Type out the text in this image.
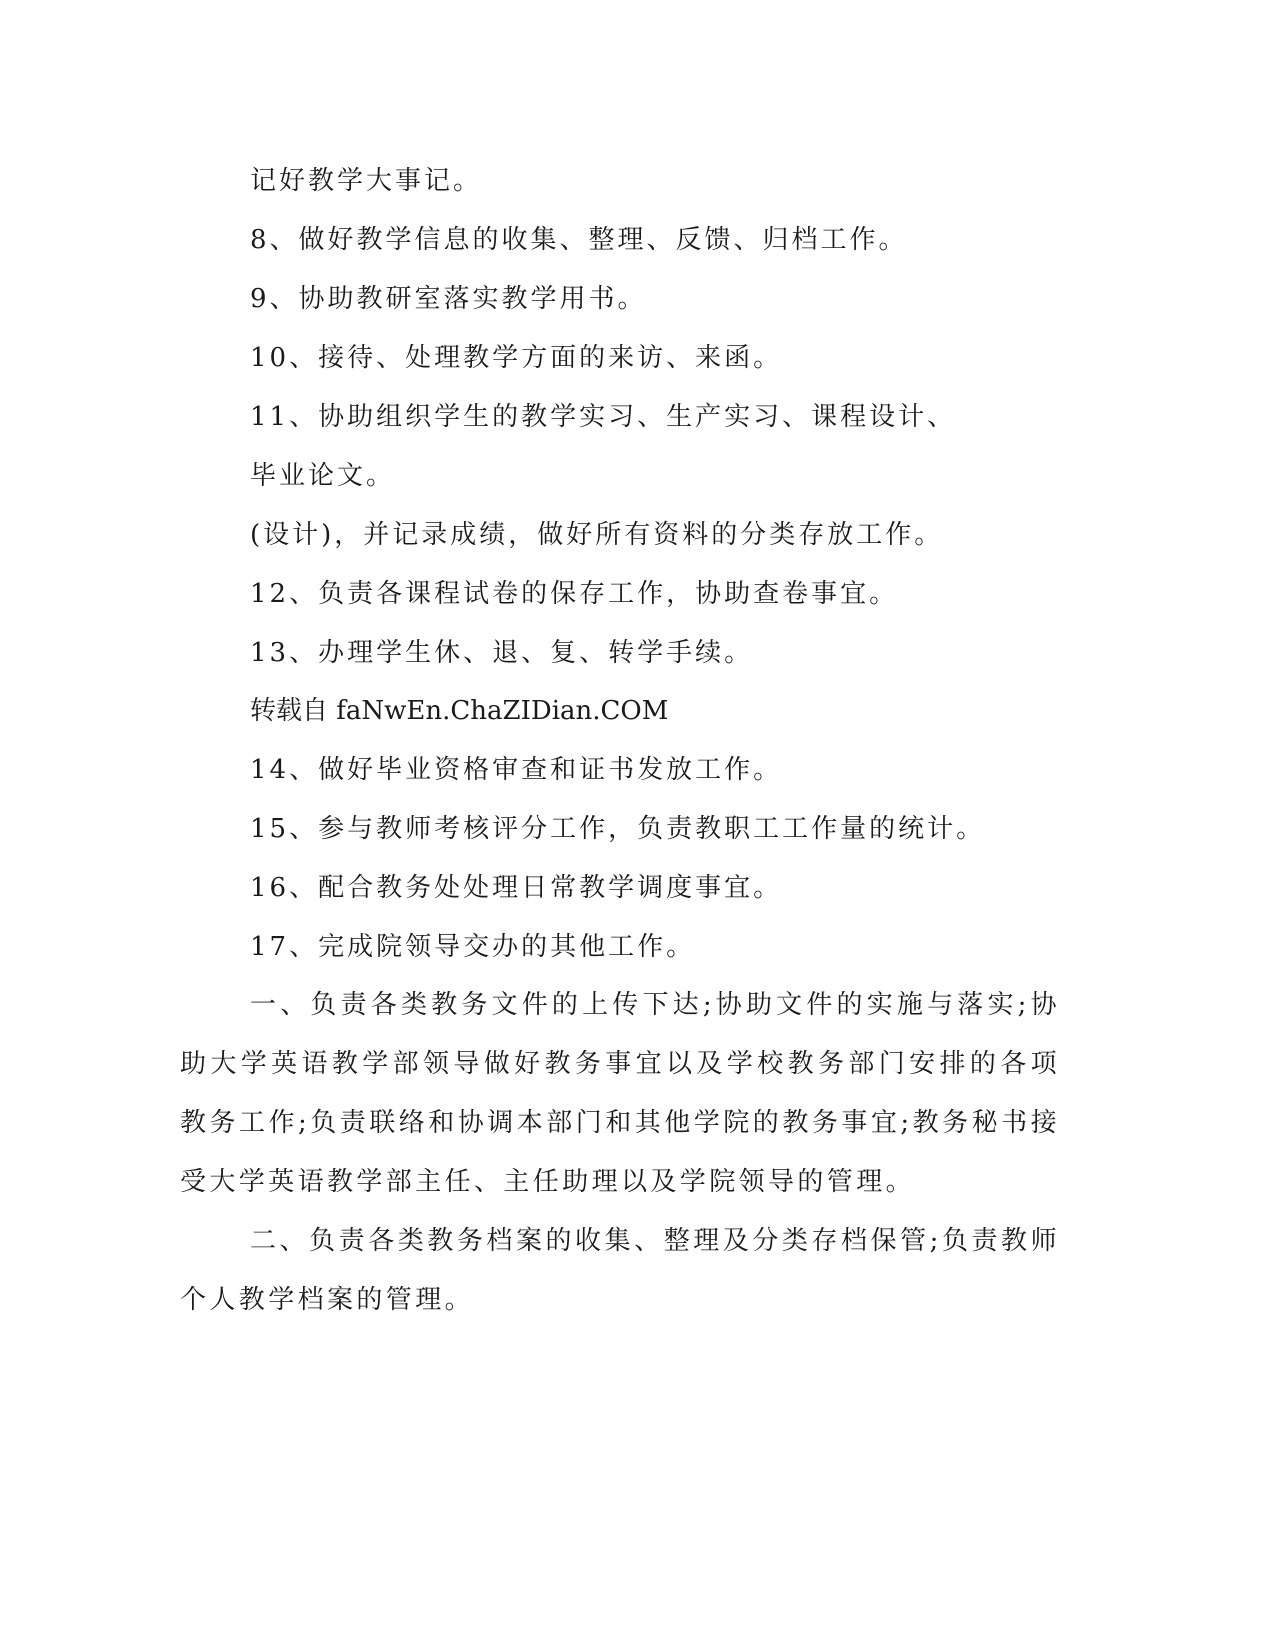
记好教学大事记。
8、做好教学信息的收集、整理、反馈、归档工作。
9、协助教研室落实教学用书。
10、接待、处理教学方面的来访、来函。
11、协助组织学生的教学实习、生产实习、课程设计、
毕业论文。
(设计)，并记录成绩，做好所有资料的分类存放工作。
12、负责各课程试卷的保存工作，协助查卷事宜。
13、办理学生休、退、复、转学手续。
转载自 faNwEn.ChaZIDian.COM
14、做好毕业资格审查和证书发放工作。
15、参与教师考核评分工作，负责教职工工作量的统计。
16、配合教务处处理日常教学调度事宜。
17、完成院领导交办的其他工作。
一、负责各类教务文件的上传下达;协助文件的实施与落实;协助大学英语教学部领导做好教务事宜以及学校教务部门安排的各项教务工作;负责联络和协调本部门和其他学院的教务事宜;教务秘书接受大学英语教学部主任、主任助理以及学院领导的管理。
二、负责各类教务档案的收集、整理及分类存档保管;负责教师个人教学档案的管理。
